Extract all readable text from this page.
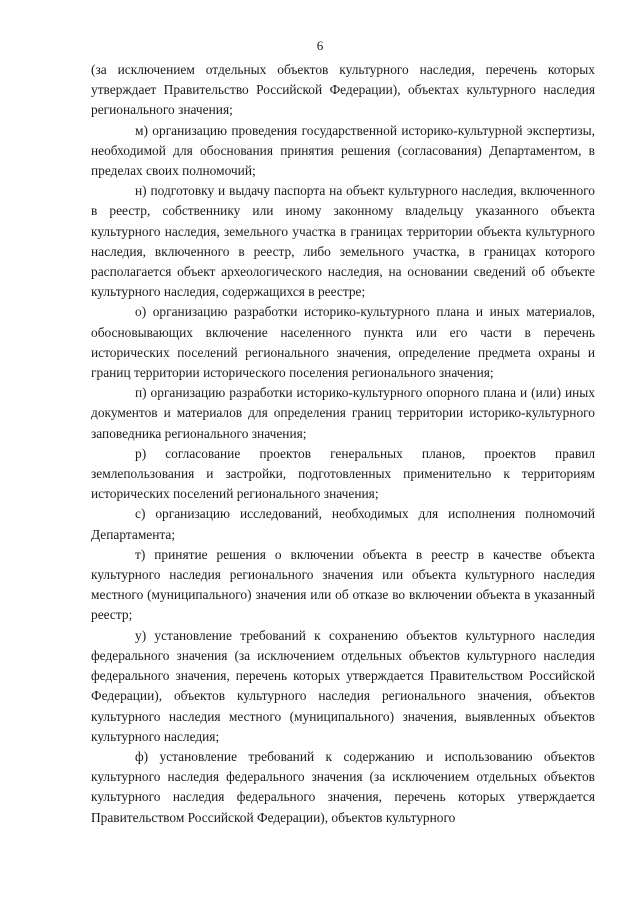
6

(за исключением отдельных объектов культурного наследия, перечень которых утверждает Правительство Российской Федерации), объектах культурного наследия регионального значения;

м) организацию проведения государственной историко-культурной экспертизы, необходимой для обоснования принятия решения (согласования) Департаментом, в пределах своих полномочий;

н) подготовку и выдачу паспорта на объект культурного наследия, включенного в реестр, собственнику или иному законному владельцу указанного объекта культурного наследия, земельного участка в границах территории объекта культурного наследия, включенного в реестр, либо земельного участка, в границах которого располагается объект археологического наследия, на основании сведений об объекте культурного наследия, содержащихся в реестре;

о) организацию разработки историко-культурного плана и иных материалов, обосновывающих включение населенного пункта или его части в перечень исторических поселений регионального значения, определение предмета охраны и границ территории исторического поселения регионального значения;

п) организацию разработки историко-культурного опорного плана и (или) иных документов и материалов для определения границ территории историко-культурного заповедника регионального значения;

р) согласование проектов генеральных планов, проектов правил землепользования и застройки, подготовленных применительно к территориям исторических поселений регионального значения;

с) организацию исследований, необходимых для исполнения полномочий Департамента;

т) принятие решения о включении объекта в реестр в качестве объекта культурного наследия регионального значения или объекта культурного наследия местного (муниципального) значения или об отказе во включении объекта в указанный реестр;

у) установление требований к сохранению объектов культурного наследия федерального значения (за исключением отдельных объектов культурного наследия федерального значения, перечень которых утверждается Правительством Российской Федерации), объектов культурного наследия регионального значения, объектов культурного наследия местного (муниципального) значения, выявленных объектов культурного наследия;

ф) установление требований к содержанию и использованию объектов культурного наследия федерального значения (за исключением отдельных объектов культурного наследия федерального значения, перечень которых утверждается Правительством Российской Федерации), объектов культурного
